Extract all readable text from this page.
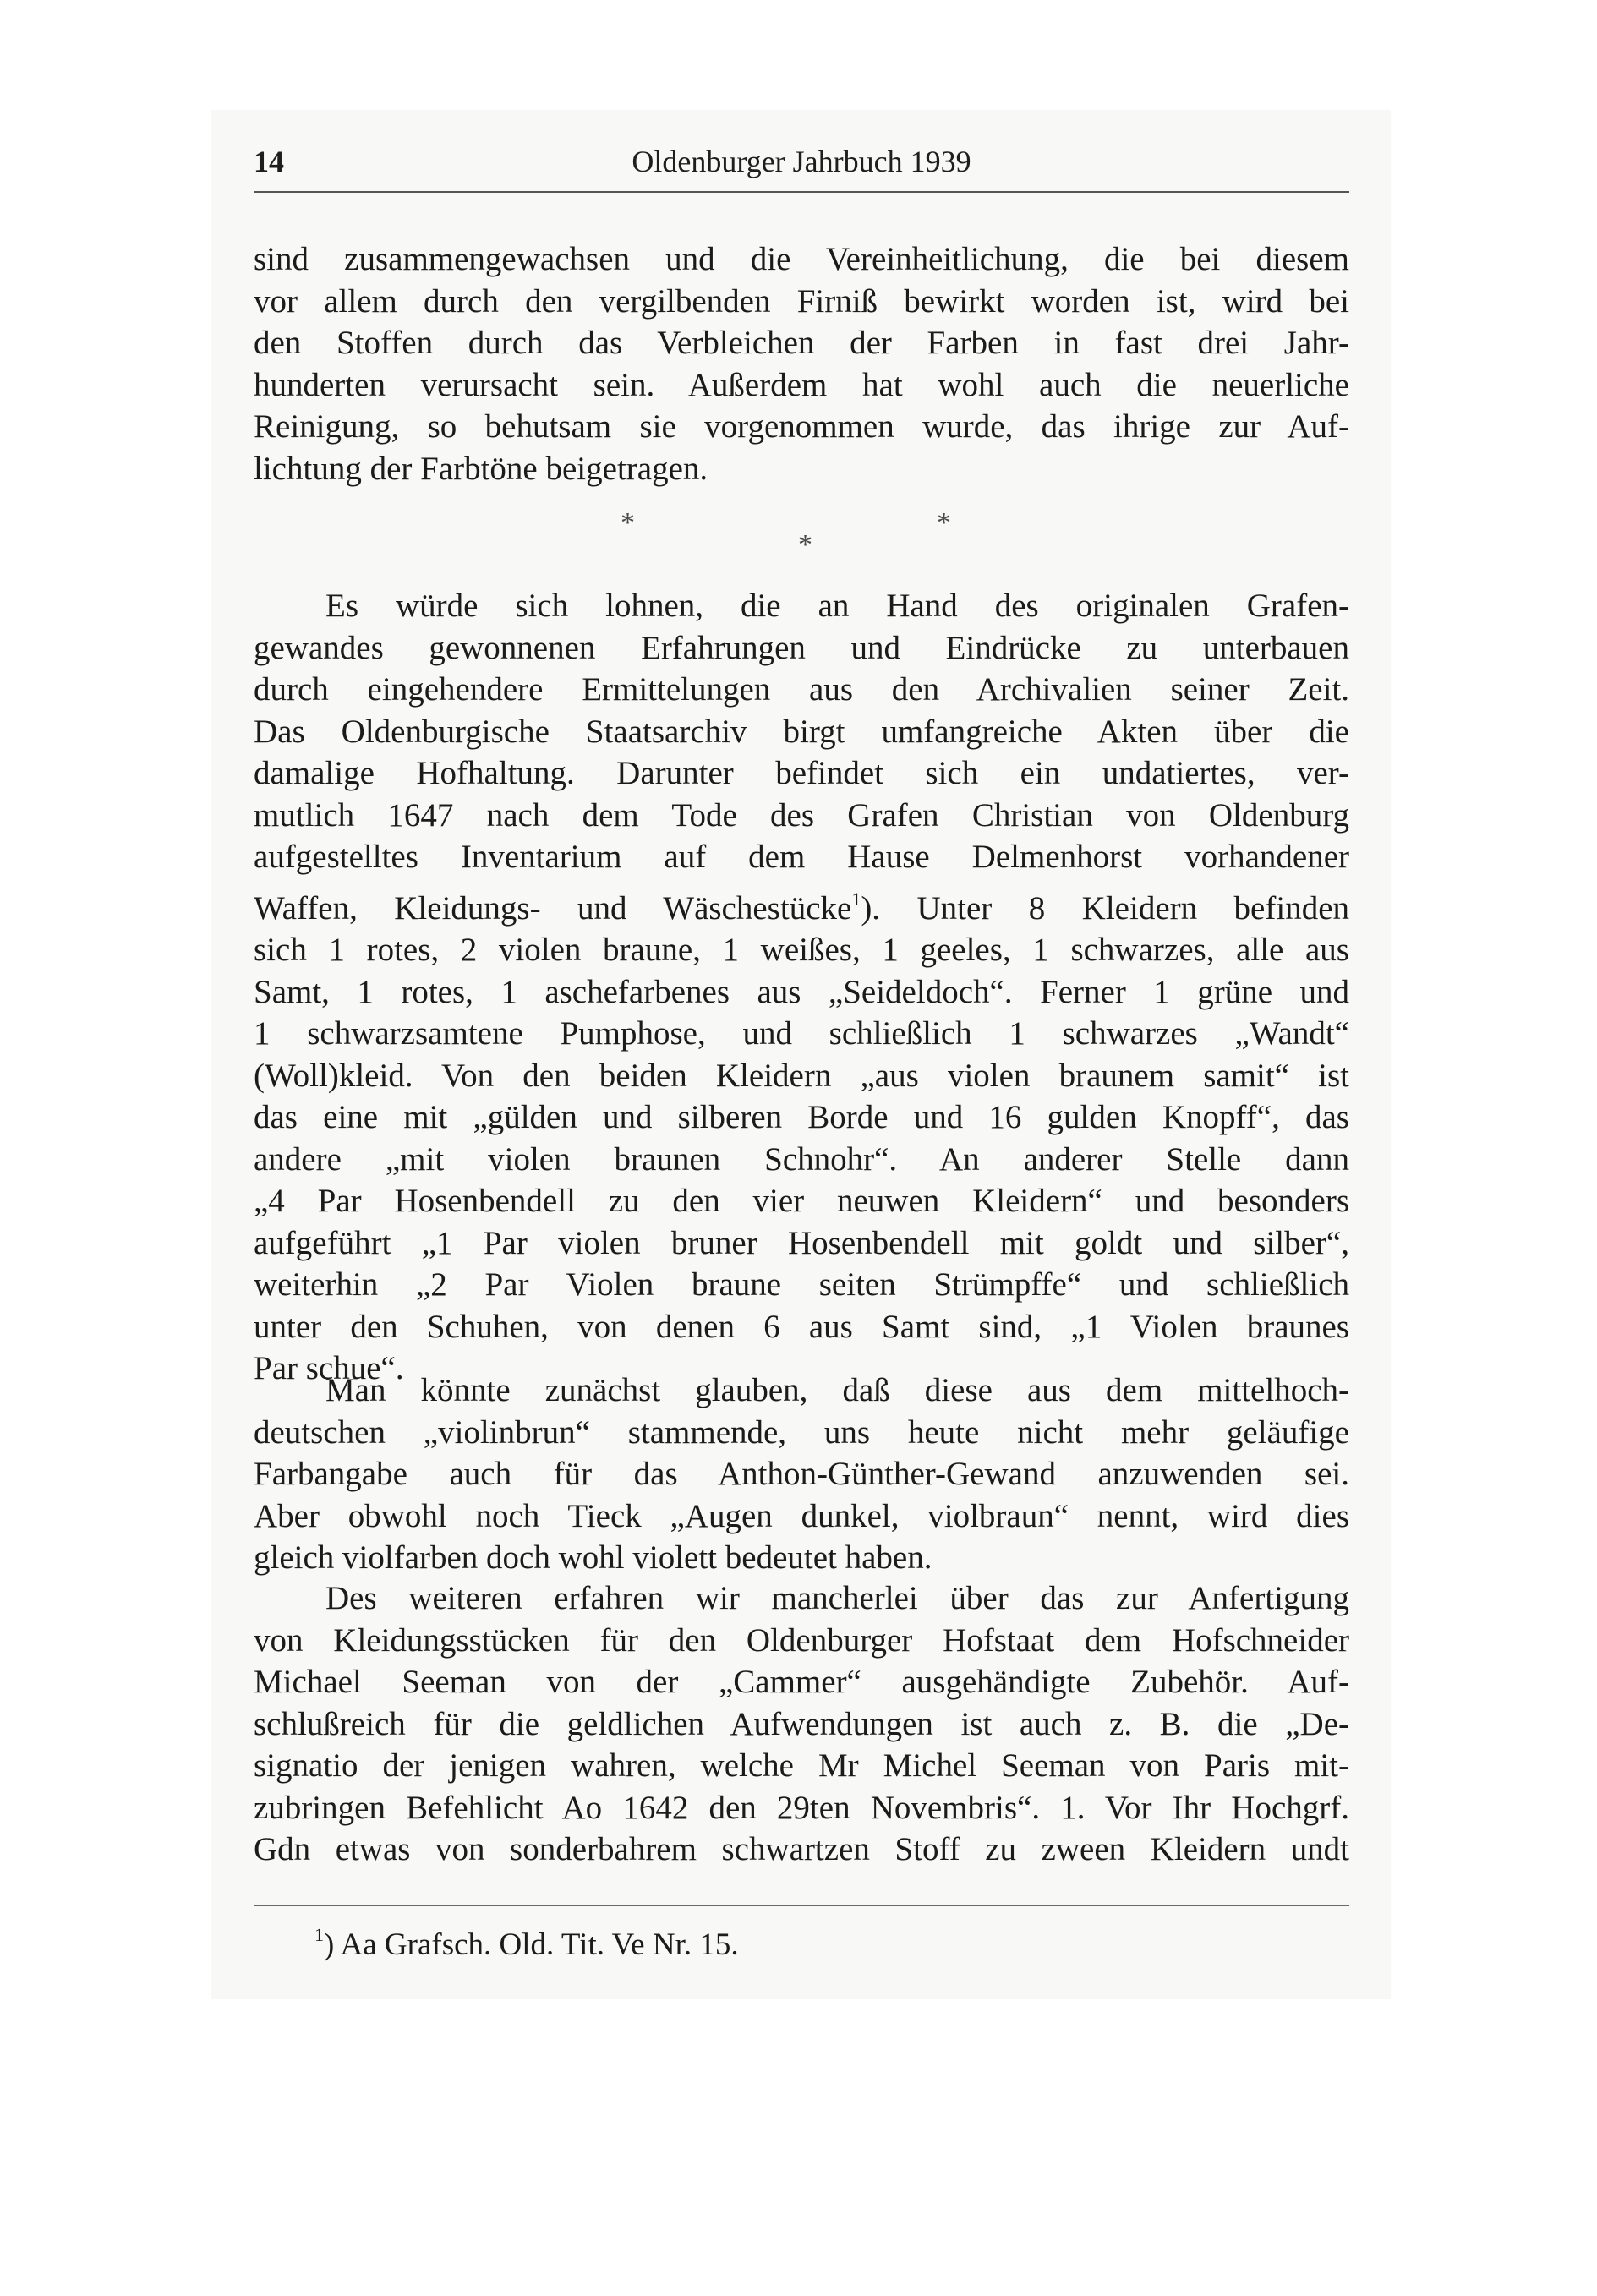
14	Oldenburger Jahrbuch 1939
sind zusammengewachsen und die Vereinheitlichung, die bei diesem
vor allem durch den vergilbenden Firniß bewirkt worden ist, wird bei
den Stoffen durch das Verbleichen der Farben in fast drei Jahr-
hunderten verursacht sein. Außerdem hat wohl auch die neuerliche
Reinigung, so behutsam sie vorgenommen wurde, das ihrige zur Auf-
lichtung der Farbtöne beigetragen.
*
*
*
Es würde sich lohnen, die an Hand des originalen Grafen-
gewandes gewonnenen Erfahrungen und Eindrücke zu unterbauen
durch eingehendere Ermittelungen aus den Archivalien seiner Zeit.
Das Oldenburgische Staatsarchiv birgt umfangreiche Akten über die
damalige Hofhaltung. Darunter befindet sich ein undatiertes, ver-
mutlich 1647 nach dem Tode des Grafen Christian von Oldenburg
aufgestelltes Inventarium auf dem Hause Delmenhorst vorhandener
Waffen, Kleidungs- und Wäschestücke$^1$). Unter 8 Kleidern befinden
sich 1 rotes, 2 violen braune, 1 weißes, 1 geeles, 1 schwarzes, alle aus
Samt, 1 rotes, 1 aschefarbenes aus „Seideldoch“. Ferner 1 grüne und
1 schwarzsamtene Pumphose, und schließlich 1 schwarzes „Wandt“
(Woll)kleid. Von den beiden Kleidern „aus violen braunem samit“ ist
das eine mit „gülden und silberen Borde und 16 gulden Knopff“, das
andere „mit violen braunen Schnohr“. An anderer Stelle dann
„4 Par Hosenbendell zu den vier neuwen Kleidern“ und besonders
aufgeführt „1 Par violen bruner Hosenbendell mit goldt und silber“,
weiterhin „2 Par Violen braune seiten Strümpffe“ und schließlich
unter den Schuhen, von denen 6 aus Samt sind, „1 Violen braunes
Par schue“.
Man könnte zunächst glauben, daß diese aus dem mittelhoch-
deutschen „violinbrun“ stammende, uns heute nicht mehr geläufige
Farbangabe auch für das Anthon-Günther-Gewand anzuwenden sei.
Aber obwohl noch Tieck „Augen dunkel, violbraun“ nennt, wird dies
gleich violfarben doch wohl violett bedeutet haben.
Des weiteren erfahren wir mancherlei über das zur Anfertigung
von Kleidungsstücken für den Oldenburger Hofstaat dem Hofschneider
Michael Seeman von der „Cammer“ ausgehändigte Zubehör. Auf-
schlußreich für die geldlichen Aufwendungen ist auch z. B. die „De-
signatio der jenigen wahren, welche Mr Michel Seeman von Paris mit-
zubringen Befehlicht Ao 1642 den 29ten Novembris“. 1. Vor Ihr Hochgrf.
Gdn etwas von sonderbahrem schwartzen Stoff zu zween Kleidern undt
$^1$) Aa Grafsch. Old. Tit. Ve Nr. 15.
